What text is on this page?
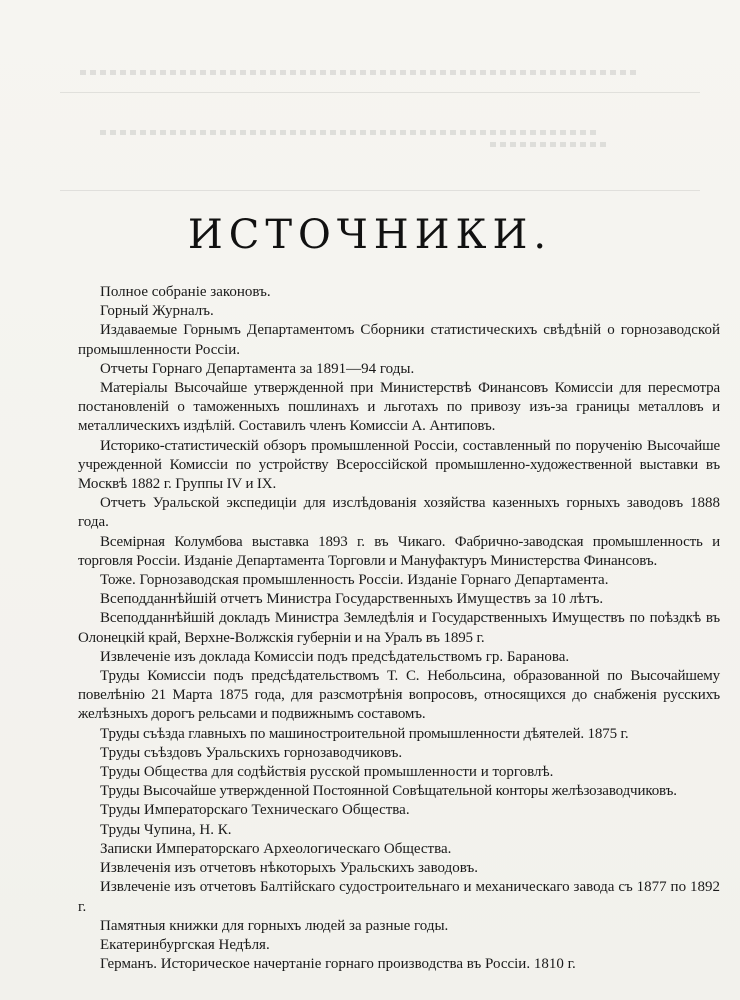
ИСТОЧНИКИ.

Полное собраніе законовъ.

Горный Журналъ.

Издаваемые Горнымъ Департаментомъ Сборники статистическихъ свѣдѣній о горнозаводской промышленности Россіи.

Отчеты Горнаго Департамента за 1891—94 годы.

Матеріалы Высочайше утвержденной при Министерствѣ Финансовъ Комиссіи для пересмотра постановленій о таможенныхъ пошлинахъ и льготахъ по привозу изъ-за границы металловъ и металлическихъ издѣлій. Составилъ членъ Комиссіи А. Антиповъ.

Историко-статистическій обзоръ промышленной Россіи, составленный по порученію Высочайше учрежденной Комиссіи по устройству Всероссійской промышленно-художественной выставки въ Москвѣ 1882 г. Группы IV и IX.

Отчетъ Уральской экспедиціи для изслѣдованія хозяйства казенныхъ горныхъ заводовъ 1888 года.

Всемірная Колумбова выставка 1893 г. въ Чикаго. Фабрично-заводская промышленность и торговля Россіи. Изданіе Департамента Торговли и Мануфактуръ Министерства Финансовъ.

Тоже. Горнозаводская промышленность Россіи. Изданіе Горнаго Департамента.

Всеподданнѣйшій отчетъ Министра Государственныхъ Имуществъ за 10 лѣтъ.

Всеподданнѣйшій докладъ Министра Земледѣлія и Государственныхъ Имуществъ по поѣздкѣ въ Олонецкій край, Верхне-Волжскія губерніи и на Уралъ въ 1895 г.

Извлеченіе изъ доклада Комиссіи подъ предсѣдательствомъ гр. Баранова.

Труды Комиссіи подъ предсѣдательствомъ Т. С. Небольсина, образованной по Высочайшему повелѣнію 21 Марта 1875 года, для разсмотрѣнія вопросовъ, относящихся до снабженія русскихъ желѣзныхъ дорогъ рельсами и подвижнымъ составомъ.

Труды съѣзда главныхъ по машиностроительной промышленности дѣятелей. 1875 г.

Труды съѣздовъ Уральскихъ горнозаводчиковъ.

Труды Общества для содѣйствія русской промышленности и торговлѣ.

Труды Высочайше утвержденной Постоянной Совѣщательной конторы желѣзозаводчиковъ.

Труды Императорскаго Техническаго Общества.

Труды Чупина, Н. К.

Записки Императорскаго Археологическаго Общества.

Извлеченія изъ отчетовъ нѣкоторыхъ Уральскихъ заводовъ.

Извлеченіе изъ отчетовъ Балтійскаго судостроительнаго и механическаго завода съ 1877 по 1892 г.

Памятныя книжки для горныхъ людей за разные годы.

Екатеринбургская Недѣля.

Германъ. Историческое начертаніе горнаго производства въ Россіи. 1810 г.
